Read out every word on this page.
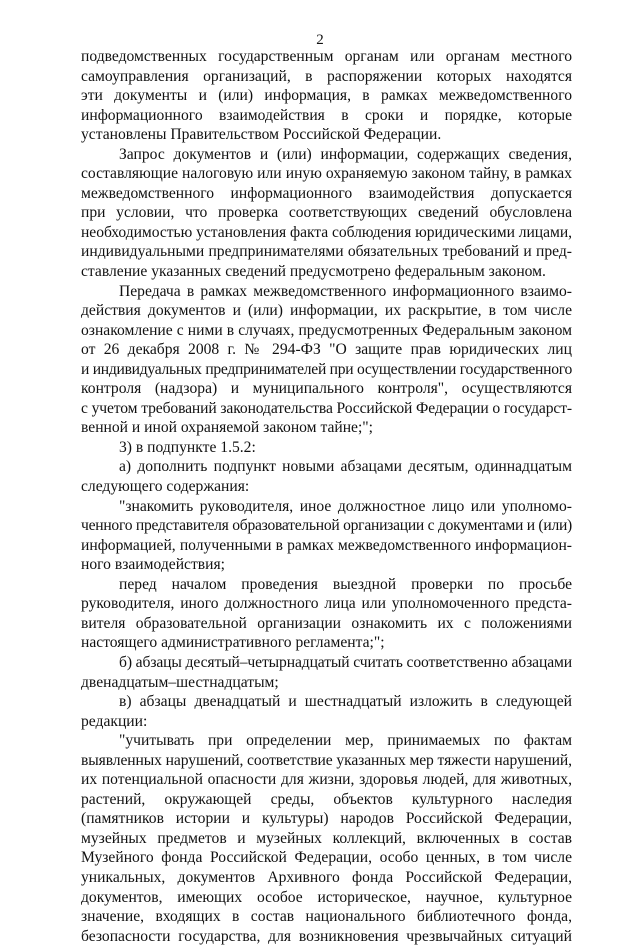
2
подведомственных государственным органам или органам местного
самоуправления организаций, в распоряжении которых находятся
эти документы и (или) информация, в рамках межведомственного
информационного взаимодействия в сроки и порядке, которые
установлены Правительством Российской Федерации.
Запрос документов и (или) информации, содержащих сведения,
составляющие налоговую или иную охраняемую законом тайну, в рамках
межведомственного информационного взаимодействия допускается
при условии, что проверка соответствующих сведений обусловлена
необходимостью установления факта соблюдения юридическими лицами,
индивидуальными предпринимателями обязательных требований и пред-
ставление указанных сведений предусмотрено федеральным законом.
Передача в рамках межведомственного информационного взаимо-
действия документов и (или) информации, их раскрытие, в том числе
ознакомление с ними в случаях, предусмотренных Федеральным законом
от 26 декабря 2008 г. № 294-ФЗ "О защите прав юридических лиц
и индивидуальных предпринимателей при осуществлении государственного
контроля (надзора) и муниципального контроля", осуществляются
с учетом требований законодательства Российской Федерации о государст-
венной и иной охраняемой законом тайне;";
3) в подпункте 1.5.2:
а) дополнить подпункт новыми абзацами десятым, одиннадцатым
следующего содержания:
"знакомить руководителя, иное должностное лицо или уполномо-
ченного представителя образовательной организации с документами и (или)
информацией, полученными в рамках межведомственного информацион-
ного взаимодействия;
перед началом проведения выездной проверки по просьбе
руководителя, иного должностного лица или уполномоченного предста-
вителя образовательной организации ознакомить их с положениями
настоящего административного регламента;";
б) абзацы десятый–четырнадцатый считать соответственно абзацами
двенадцатым–шестнадцатым;
в) абзацы двенадцатый и шестнадцатый изложить в следующей
редакции:
"учитывать при определении мер, принимаемых по фактам
выявленных нарушений, соответствие указанных мер тяжести нарушений,
их потенциальной опасности для жизни, здоровья людей, для животных,
растений, окружающей среды, объектов культурного наследия
(памятников истории и культуры) народов Российской Федерации,
музейных предметов и музейных коллекций, включенных в состав
Музейного фонда Российской Федерации, особо ценных, в том числе
уникальных, документов Архивного фонда Российской Федерации,
документов, имеющих особое историческое, научное, культурное
значение, входящих в состав национального библиотечного фонда,
безопасности государства, для возникновения чрезвычайных ситуаций
